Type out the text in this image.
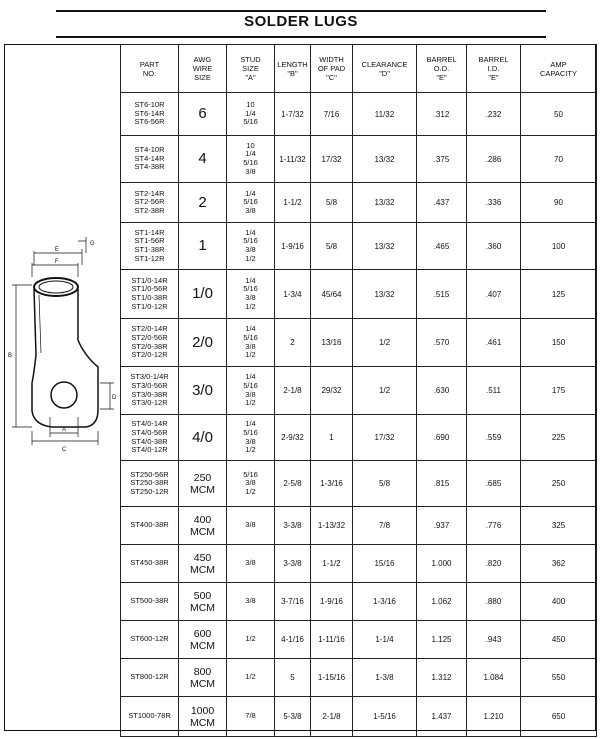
SOLDER LUGS
F
G
E
B
D
A
C
PART
NO.	AWG
WIRE
SIZE	STUD
SIZE
"A"	LENGTH
"B"	WIDTH
OF PAD
"C"	CLEARANCE
"D"	BARREL
O.D.
"E"	BARREL
I.D.
"E"	AMP
CAPACITY
ST6-10R
ST6-14R
ST6-56R	6	10
1/4
5/16	1-7/32	7/16	11/32	.312	.232	50
ST4-10R
ST4-14R
ST4-38R	4	10
1/4
5/16
3/8	1-11/32	17/32	13/32	.375	.286	70
ST2-14R
ST2-56R
ST2-38R	2	1/4
5/16
3/8	1-1/2	5/8	13/32	.437	.336	90
ST1-14R
ST1-56R
ST1-38R
ST1-12R	1	1/4
5/16
3/8
1/2	1-9/16	5/8	13/32	.465	.360	100
ST1/0-14R
ST1/0-56R
ST1/0-38R
ST1/0-12R	1/0	1/4
5/16
3/8
1/2	1-3/4	45/64	13/32	.515	.407	125
ST2/0-14R
ST2/0-56R
ST2/0-38R
ST2/0-12R	2/0	1/4
5/16
3/8
1/2	2	13/16	1/2	.570	.461	150
ST3/0-1/4R
ST3/0-56R
ST3/0-38R
ST3/0-12R	3/0	1/4
5/16
3/8
1/2	2-1/8	29/32	1/2	.630	.511	175
ST4/0-14R
ST4/0-56R
ST4/0-38R
ST4/0-12R	4/0	1/4
5/16
3/8
1/2	2-9/32	1	17/32	.690	.559	225
ST250-56R
ST250-38R
ST250-12R	250
MCM	5/16
3/8
1/2	2-5/8	1-3/16	5/8	.815	.685	250
ST400-38R	400
MCM	3/8	3-3/8	1-13/32	7/8	.937	.776	325
ST450-38R	450
MCM	3/8	3-3/8	1-1/2	15/16	1.000	.820	362
ST500-38R	500
MCM	3/8	3-7/16	1-9/16	1-3/16	1.062	.880	400
ST600-12R	600
MCM	1/2	4-1/16	1-11/16	1-1/4	1.125	.943	450
ST800-12R	800
MCM	1/2	5	1-15/16	1-3/8	1.312	1.084	550
ST1000-78R	1000
MCM	7/8	5-3/8	2-1/8	1-5/16	1.437	1.210	650
